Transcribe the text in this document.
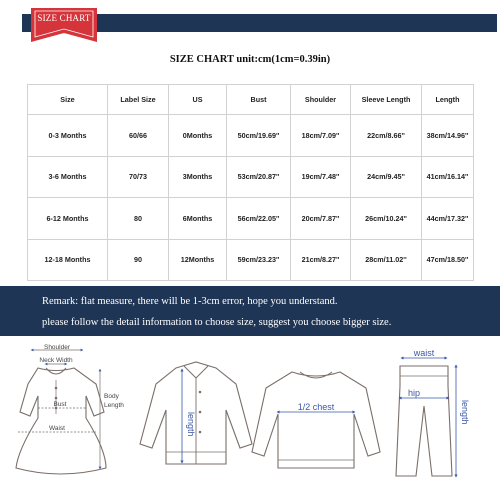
SIZE CHART
SIZE CHART unit:cm(1cm=0.39in)
Size	Label Size	US	Bust	Shoulder	Sleeve Length	Length
0-3 Months	60/66	0Months	50cm/19.69''	18cm/7.09''	22cm/8.66''	38cm/14.96''
3-6 Months	70/73	3Months	53cm/20.87''	19cm/7.48''	24cm/9.45''	41cm/16.14''
6-12 Months	80	6Months	56cm/22.05''	20cm/7.87''	26cm/10.24''	44cm/17.32''
12-18 Months	90	12Months	59cm/23.23''	21cm/8.27''	28cm/11.02''	47cm/18.50''
Remark: flat measure, there will be 1-3cm error, hope you understand.
please follow the detail information to choose size, suggest you choose bigger size.
Shoulder
Neck Width
Body
Length
Bust
Waist	length
1/2 chest
waist
hip
length
